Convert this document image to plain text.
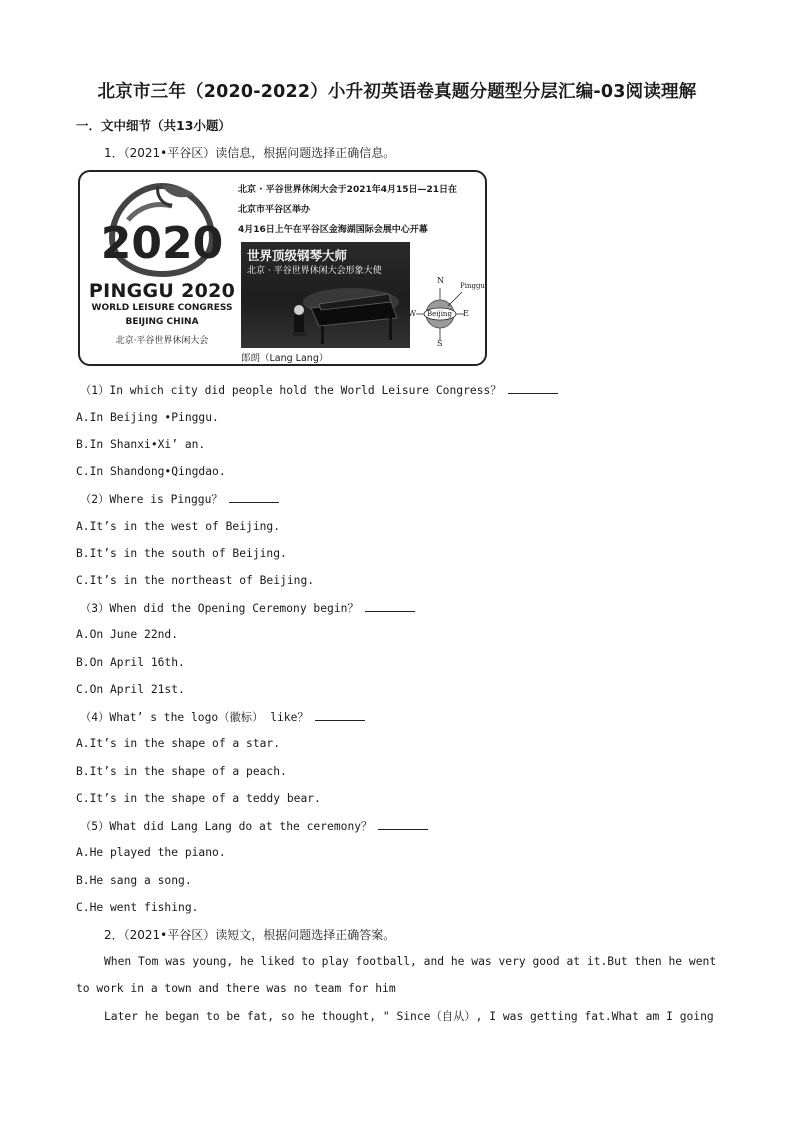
北京市三年（2020-2022）小升初英语卷真题分题型分层汇编-03阅读理解
一．文中细节（共13小题）
1．（2021•平谷区）读信息，根据问题选择正确信息。
2020
PINGGU 2020
WORLD LEISURE CONGRESS
BEIJING CHINA
北京·平谷世界休闲大会
北京 · 平谷世界休闲大会于2021年4月15日—21日在
北京市平谷区举办
4月16日上午在平谷区金海湖国际会展中心开幕
世界顶级钢琴大师
北京 · 平谷世界休闲大会形象大使
郎朗（Lang Lang）
N
S
W	E
Beijing
Pinggu
（1）In which city did people hold the World Leisure Congress？
A.In Beijing •Pinggu.
B.In Shanxi•Xi’ an.
C.In Shandong•Qingdao.
（2）Where is Pinggu？
A.It’s in the west of Beijing.
B.It’s in the south of Beijing.
C.It’s in the northeast of Beijing.
（3）When did the Opening Ceremony begin？
A.On June 22nd.
B.On April 16th.
C.On April 21st.
（4）What’ s the logo（徽标） like？
A.It’s in the shape of a star.
B.It’s in the shape of a peach.
C.It’s in the shape of a teddy bear.
（5）What did Lang Lang do at the ceremony？
A.He played the piano.
B.He sang a song.
C.He went fishing.
2．（2021•平谷区）读短文，根据问题选择正确答案。
When Tom was young, he liked to play football, and he was very good at it.But then he went
to work in a town and there was no team for him
Later he began to be fat, so he thought, " Since（自从）, I was getting fat.What am I going
